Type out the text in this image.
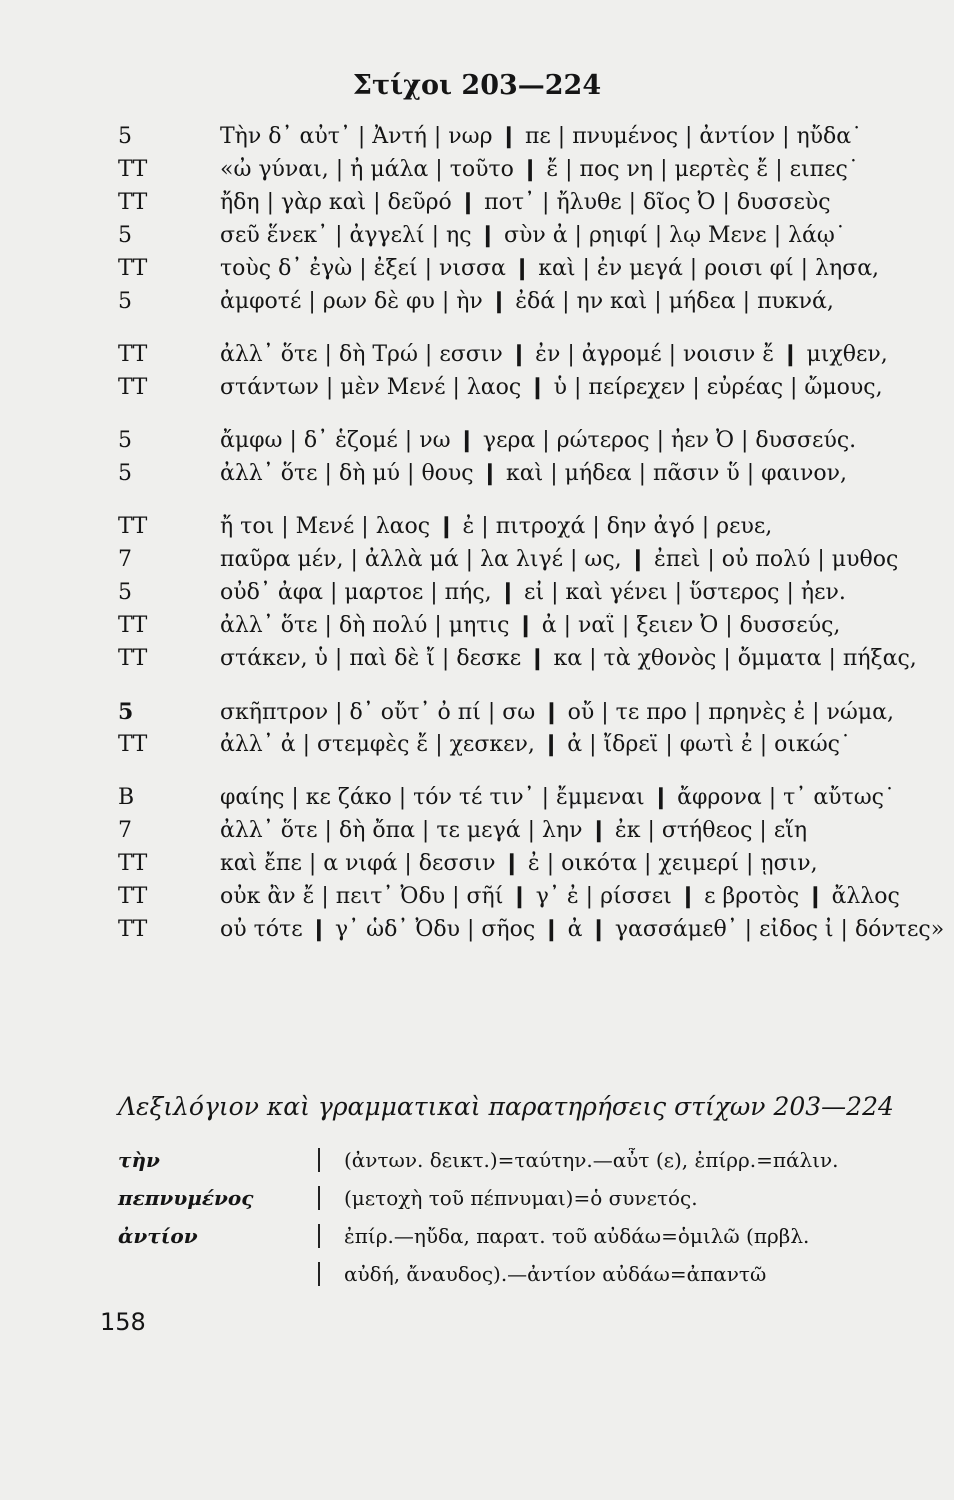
Στίχοι 203—224
5	Τὴν δ᾽ αὖτ᾽ | Ἀντή | νωρ ❙ πε | πνυμένος | ἀντίον | ηὔδα˙
ΤΤ	«ὦ γύναι, | ἦ μάλα | τοῦτο ❙ ἔ | πος νη | μερτὲς ἔ | ειπες˙
ΤΤ	ἤδη | γὰρ καὶ | δεῦρό ❙ ποτ᾽ | ἤλυθε | δῖος Ὀ | δυσσεὺς
5	σεῦ ἕνεκ᾽ | ἀγγελί | ης ❙ σὺν ἀ | ρηιφί | λῳ Μενε | λάῳ˙
ΤΤ	τοὺς δ᾽ ἐγὼ | ἐξεί | νισσα ❙ καὶ | ἐν μεγά | ροισι φί | λησα,
5	ἀμφοτέ | ρων δὲ φυ | ὴν ❙ ἐδά | ην καὶ | μήδεα | πυκνά,
ΤΤ	ἀλλ᾽ ὅτε | δὴ Τρώ | εσσιν ❙ ἐν | ἀγρομέ | νοισιν ἔ ❙ μιχθεν,
ΤΤ	στάντων | μὲν Μενέ | λαος ❙ ὑ | πείρεχεν | εὐρέας | ὤμους,
5	ἄμφω | δ᾽ ἑζομέ | νω ❙ γερα | ρώτερος | ἦεν Ὀ | δυσσεύς.
5	ἀλλ᾽ ὅτε | δὴ μύ | θους ❙ καὶ | μήδεα | πᾶσιν ὕ | φαινον,
ΤΤ	ἤ τοι | Μενέ | λαος ❙ ἐ | πιτροχά | δην ἀγό | ρευε,
7	παῦρα μέν, | ἀλλὰ μά | λα λιγέ | ως, ❙ ἐπεὶ | οὐ πολύ | μυθος
5	οὐδ᾽ ἀφα | μαρτοε | πής, ❙ εἰ | καὶ γένει | ὕστερος | ἦεν.
ΤΤ	ἀλλ᾽ ὅτε | δὴ πολύ | μητις ❙ ἀ | ναΐ | ξειεν Ὀ | δυσσεύς,
ΤΤ	στάκεν, ὑ | παὶ δὲ ἴ | δεσκε ❙ κα | τὰ χθονὸς | ὄμματα | πήξας,
5	σκῆπτρον | δ᾽ οὔτ᾽ ὀ πί | σω ❙ οὔ | τε προ | πρηνὲς ἐ | νώμα,
ΤΤ	ἀλλ᾽ ἀ | στεμφὲς ἔ | χεσκεν, ❙ ἀ | ἴδρεϊ | φωτὶ ἐ | οικώς˙
Β	φαίης | κε ζάκο | τόν τέ τιν᾽ | ἔμμεναι ❙ ἄφρονα | τ᾽ αὔτως˙
7	ἀλλ᾽ ὅτε | δὴ ὄπα | τε μεγά | λην ❙ ἐκ | στήθεος | εἵη
ΤΤ	καὶ ἔπε | α νιφά | δεσσιν ❙ ἐ | οικότα | χειμερί | ῃσιν,
ΤΤ	οὐκ ἂν ἔ | πειτ᾽ Ὀδυ | σῆί ❙ γ᾽ ἐ | ρίσσει ❙ ε βροτὸς ❙ ἄλλος
ΤΤ	οὐ τότε ❙ γ᾽ ὧδ᾽ Ὀδυ | σῆος ❙ ἀ ❙ γασσάμεθ᾽ | εἶδος ἰ | δόντες»
Λεξιλόγιον καὶ γραμματικαὶ παρατηρήσεις στίχων 203—224
τὴν	(ἀντων. δεικτ.)=ταύτην.—αὖτ (ε), ἐπίρρ.=πάλιν.
πεπνυμένος	(μετοχὴ τοῦ πέπνυμαι)=ὁ συνετός.
ἀντίον	ἐπίρ.—ηὔδα, παρατ. τοῦ αὐδάω=ὁμιλῶ (πρβλ.
αὐδή, ἄναυδος).—ἀντίον αὐδάω=ἀπαντῶ
158
